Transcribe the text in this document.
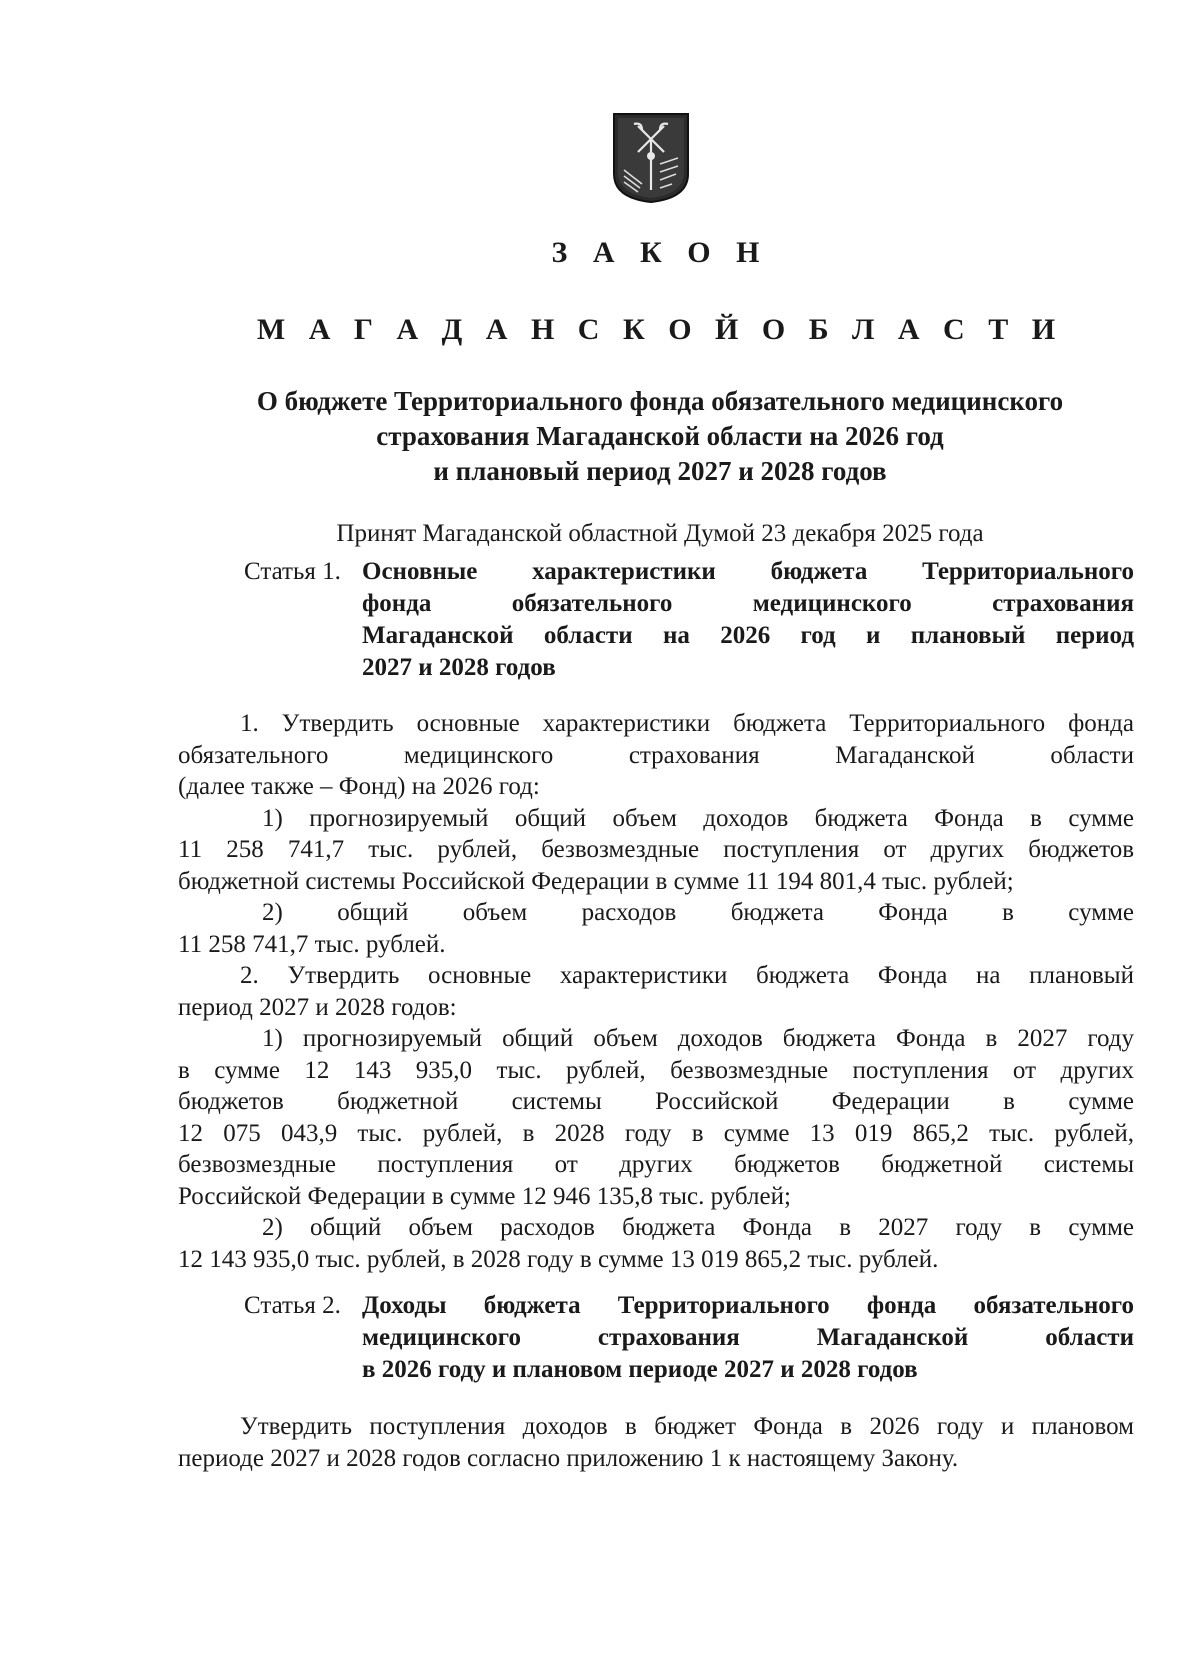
З А К О Н
М А Г А Д А Н С К О Й О Б Л А С Т И
О бюджете Территориального фонда обязательного медицинского
страхования Магаданской области на 2026 год
и плановый период 2027 и 2028 годов
Принят Магаданской областной Думой 23 декабря 2025 года
Статья 1. Основные характеристики бюджета Территориального
фонда обязательного медицинского страхования
Магаданской области на 2026 год и плановый период
2027 и 2028 годов
1. Утвердить основные характеристики бюджета Территориального фонда
обязательного медицинского страхования Магаданской области
(далее также – Фонд) на 2026 год:
1) прогнозируемый общий объем доходов бюджета Фонда в сумме
11 258 741,7 тыс. рублей, безвозмездные поступления от других бюджетов
бюджетной системы Российской Федерации в сумме 11 194 801,4 тыс. рублей;
2) общий объем расходов бюджета Фонда в сумме
11 258 741,7 тыс. рублей.
2. Утвердить основные характеристики бюджета Фонда на плановый
период 2027 и 2028 годов:
1) прогнозируемый общий объем доходов бюджета Фонда в 2027 году
в сумме 12 143 935,0 тыс. рублей, безвозмездные поступления от других
бюджетов бюджетной системы Российской Федерации в сумме
12 075 043,9 тыс. рублей, в 2028 году в сумме 13 019 865,2 тыс. рублей,
безвозмездные поступления от других бюджетов бюджетной системы
Российской Федерации в сумме 12 946 135,8 тыс. рублей;
2) общий объем расходов бюджета Фонда в 2027 году в сумме
12 143 935,0 тыс. рублей, в 2028 году в сумме 13 019 865,2 тыс. рублей.
Статья 2. Доходы бюджета Территориального фонда обязательного
медицинского страхования Магаданской области
в 2026 году и плановом периоде 2027 и 2028 годов
Утвердить поступления доходов в бюджет Фонда в 2026 году и плановом
периоде 2027 и 2028 годов согласно приложению 1 к настоящему Закону.
